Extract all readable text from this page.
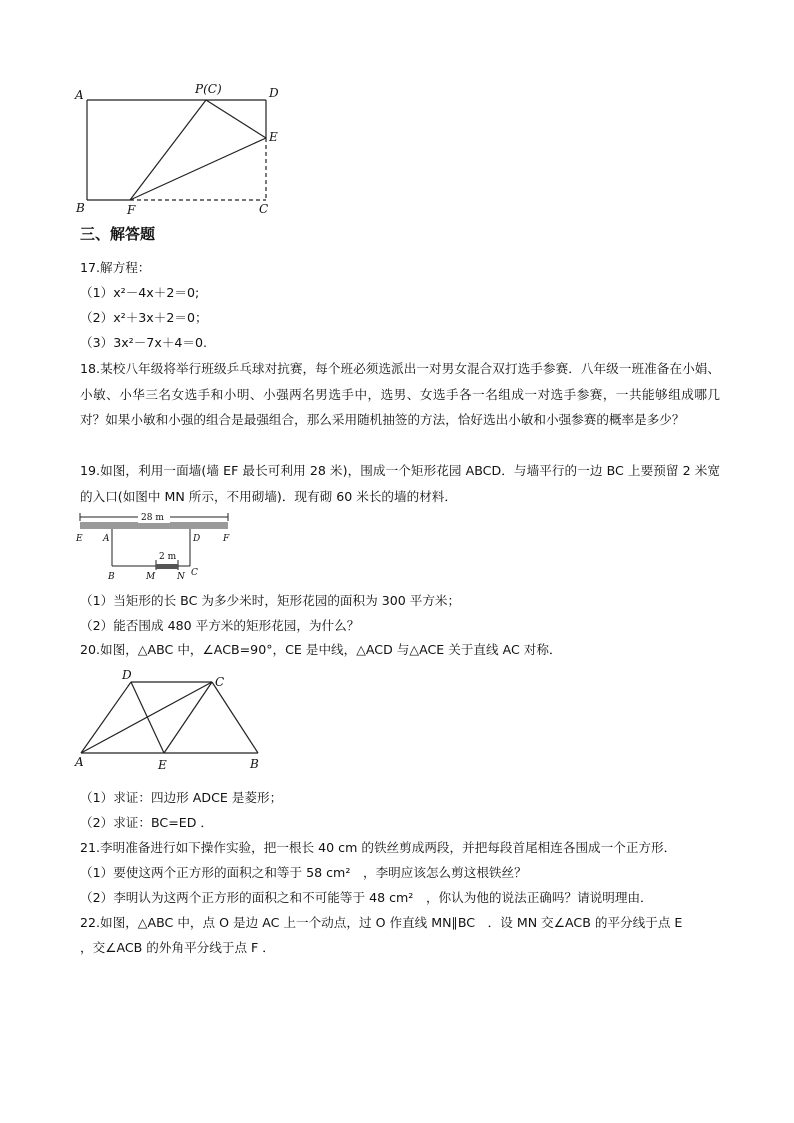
A	P(C)	D
E
B	F	C
三、解答题
17.解方程：
（1）x²－4x＋2＝0;
（2）x²＋3x＋2＝0；
（3）3x²－7x＋4＝0.
18.某校八年级将举行班级乒乓球对抗赛，每个班必须选派出一对男女混合双打选手参赛．八年级一班准备在小娟、小敏、小华三名女选手和小明、小强两名男选手中，选男、女选手各一名组成一对选手参赛，一共能够组成哪几对？如果小敏和小强的组合是最强组合，那么采用随机抽签的方法，恰好选出小敏和小强参赛的概率是多少？
19.如图，利用一面墙(墙 EF 最长可利用 28 米)，围成一个矩形花园 ABCD．与墙平行的一边 BC 上要预留 2 米宽的入口(如图中 MN 所示，不用砌墙)．现有砌 60 米长的墙的材料．
28 m
2 m
E A	D	F
B	M N C
（1）当矩形的长 BC 为多少米时，矩形花园的面积为 300 平方米；
（2）能否围成 480 平方米的矩形花园，为什么？
20.如图，△ABC 中，∠ACB=90°，CE 是中线，△ACD 与△ACE 关于直线 AC 对称．
D	C
A	E	B
（1）求证：四边形 ADCE 是菱形；
（2）求证：BC=ED ．
21.李明准备进行如下操作实验，把一根长 40 cm 的铁丝剪成两段，并把每段首尾相连各围成一个正方形．
（1）要使这两个正方形的面积之和等于 58 cm²　，李明应该怎么剪这根铁丝？
（2）李明认为这两个正方形的面积之和不可能等于 48 cm²　，你认为他的说法正确吗？请说明理由．
22.如图，△ABC 中，点 O 是边 AC 上一个动点，过 O 作直线 MN∥BC　．设 MN 交∠ACB 的平分线于点 E
，交∠ACB 的外角平分线于点 F ．
